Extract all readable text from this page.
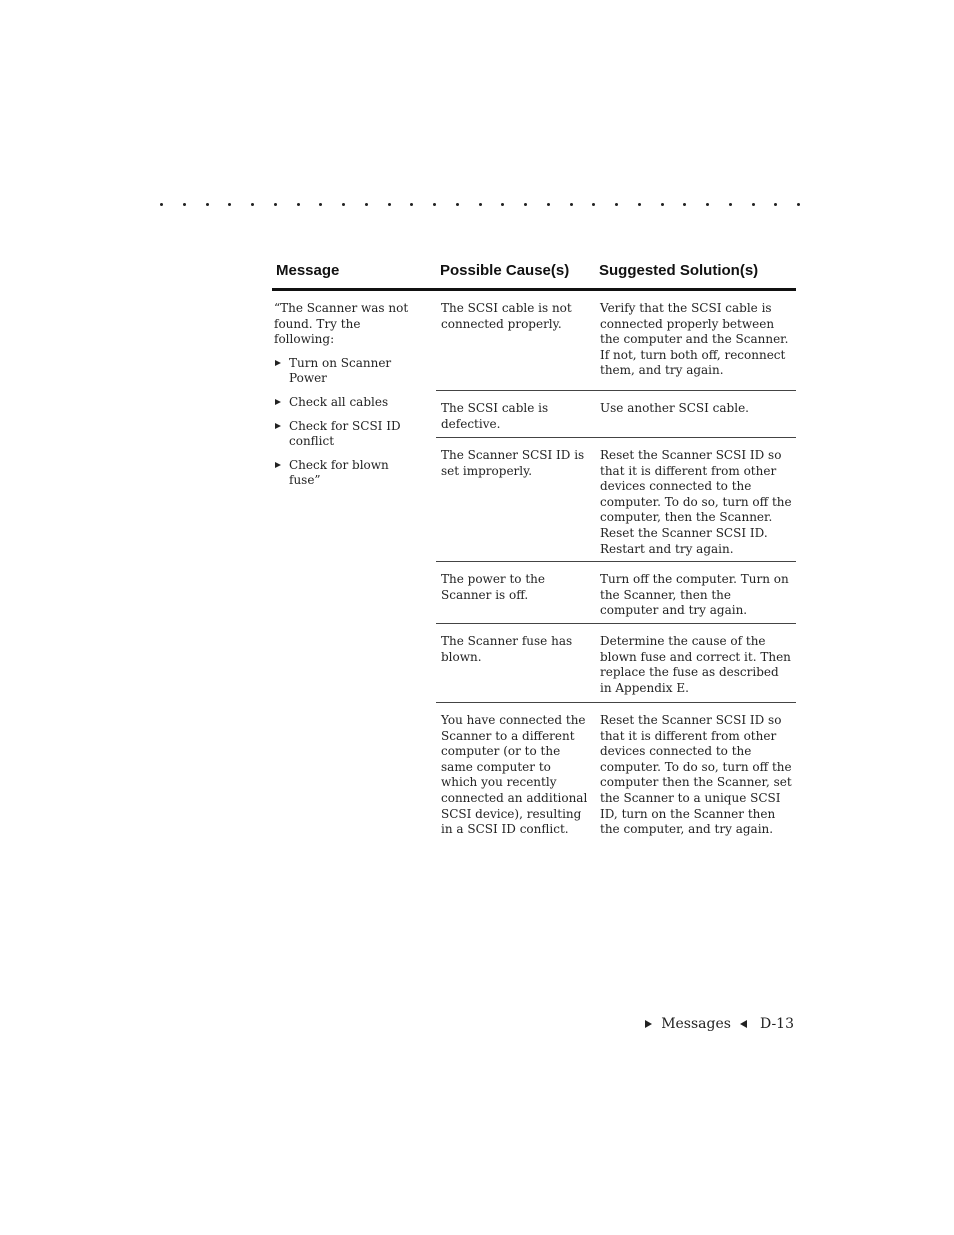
Message	Possible Cause(s) Suggested Solution(s)

“The Scanner was not found. Try the following:

Turn on Scanner Power
Check all cables
Check for SCSI ID conflict
Check for blown fuse”
The SCSI cable is not connected properly.
Verify that the SCSI cable is connected properly between the computer and the Scanner. If not, turn both off, reconnect them, and try again.
The SCSI cable is defective.
Use another SCSI cable.
The Scanner SCSI ID is set improperly.
Reset the Scanner SCSI ID so that it is different from other devices connected to the computer. To do so, turn off the computer, then the Scanner. Reset the Scanner SCSI ID. Restart and try again.
The power to the Scanner is off.
Turn off the computer. Turn on the Scanner, then the computer and try again.
The Scanner fuse has blown.
Determine the cause of the blown fuse and correct it. Then replace the fuse as described in Appendix E.
You have connected the Scanner to a different computer (or to the same computer to which you recently connected an additional SCSI device), resulting in a SCSI ID conflict.
Reset the Scanner SCSI ID so that it is different from other devices connected to the computer. To do so, turn off the computer then the Scanner, set the Scanner to a unique SCSI ID, turn on the Scanner then the computer, and try again.
Messages D-13
